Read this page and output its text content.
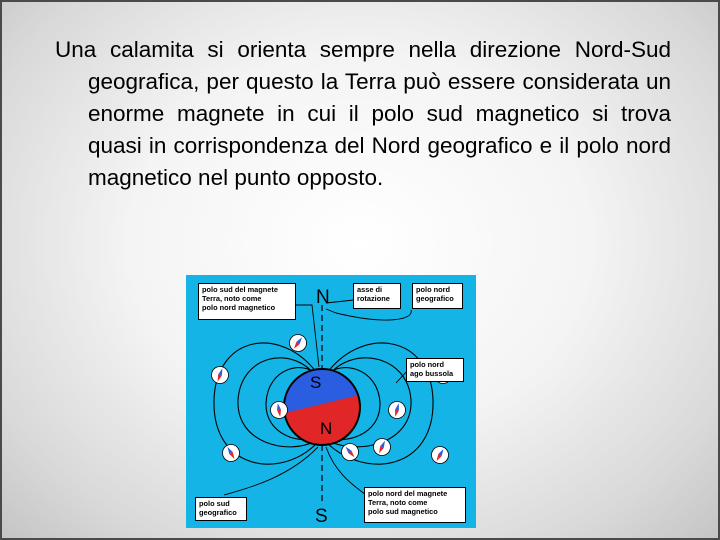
Una calamita si orienta sempre nella direzione Nord-Sud geografica, per questo la Terra può essere considerata un enorme magnete in cui il polo sud magnetico si trova quasi in corrispondenza del Nord geografico e il polo nord magnetico nel punto opposto.
N
S
N
S
polo sud del magnete
Terra, noto come
polo nord magnetico
asse di
rotazione
polo nord
geografico
polo nord
ago bussola
polo sud
geografico
polo nord del magnete
Terra, noto come
polo sud magnetico
